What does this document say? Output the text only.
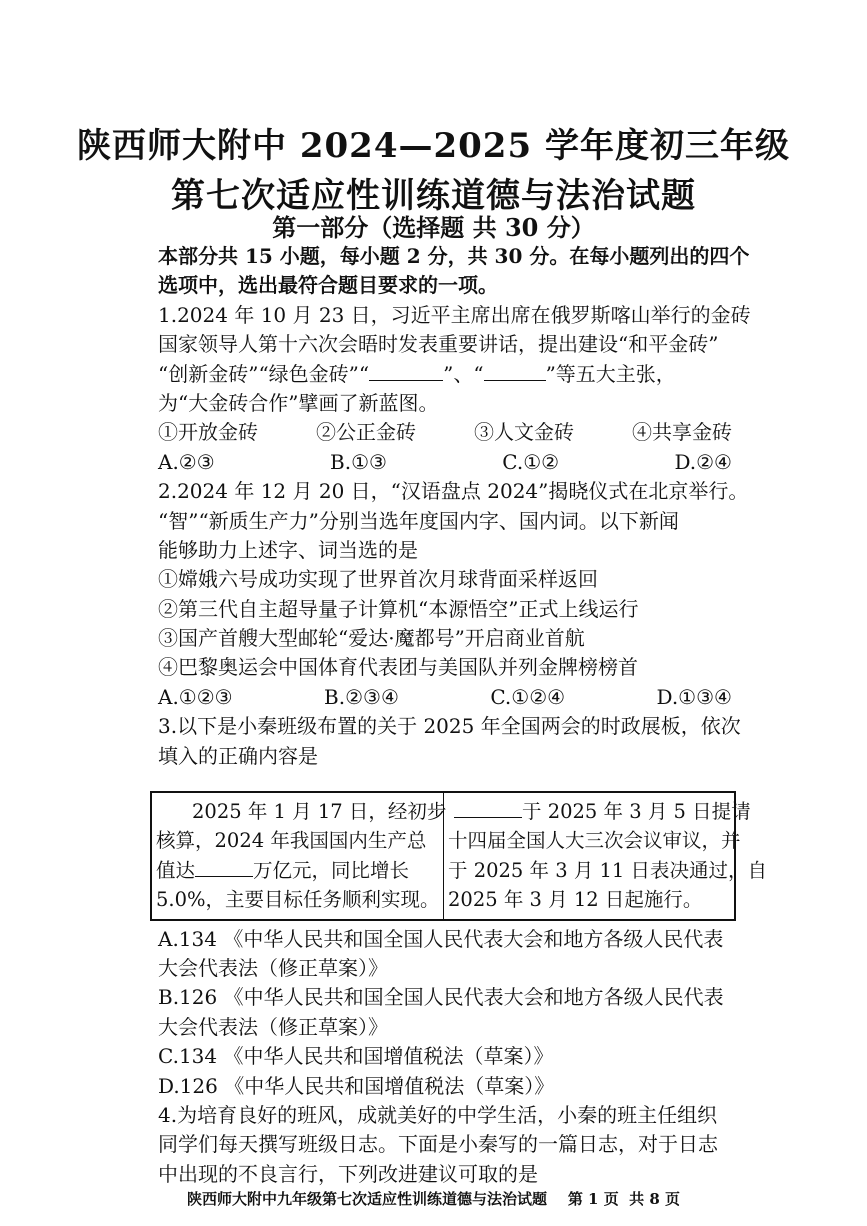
陕西师大附中 2024—2025 学年度初三年级
第七次适应性训练道德与法治试题
第一部分（选择题 共 30 分）
本部分共 15 小题，每小题 2 分，共 30 分。在每小题列出的四个
选项中，选出最符合题目要求的一项。
1.2024 年 10 月 23 日，习近平主席出席在俄罗斯喀山举行的金砖
国家领导人第十六次会晤时发表重要讲话，提出建设“和平金砖”
“创新金砖”“绿色金砖”“	”、“	”等五大主张，
为“大金砖合作”擘画了新蓝图。
①开放金砖	②公正金砖	③人文金砖	④共享金砖
A.②③	B.①③	C.①②	D.②④
2.2024 年 12 月 20 日，“汉语盘点 2024”揭晓仪式在北京举行。
“智”“新质生产力”分别当选年度国内字、国内词。以下新闻
能够助力上述字、词当选的是
①嫦娥六号成功实现了世界首次月球背面采样返回
②第三代自主超导量子计算机“本源悟空”正式上线运行
③国产首艘大型邮轮“爱达·魔都号”开启商业首航
④巴黎奥运会中国体育代表团与美国队并列金牌榜榜首
A.①②③	B.②③④	C.①②④	D.①③④
3.以下是小秦班级布置的关于 2025 年全国两会的时政展板，依次
填入的正确内容是
2025 年 1 月 17 日，经初步
核算，2024 年我国国内生产总
值达	万亿元，同比增长
5.0%，主要目标任务顺利实现。
于 2025 年 3 月 5 日提请
十四届全国人大三次会议审议，并
于 2025 年 3 月 11 日表决通过，自
2025 年 3 月 12 日起施行。
A.134 《中华人民共和国全国人民代表大会和地方各级人民代表
大会代表法（修正草案）》
B.126 《中华人民共和国全国人民代表大会和地方各级人民代表
大会代表法（修正草案）》
C.134 《中华人民共和国增值税法（草案）》
D.126 《中华人民共和国增值税法（草案）》
4.为培育良好的班风，成就美好的中学生活，小秦的班主任组织
同学们每天撰写班级日志。下面是小秦写的一篇日志，对于日志
中出现的不良言行，下列改进建议可取的是
陕西师大附中九年级第七次适应性训练道德与法治试题    第 1 页  共 8 页
